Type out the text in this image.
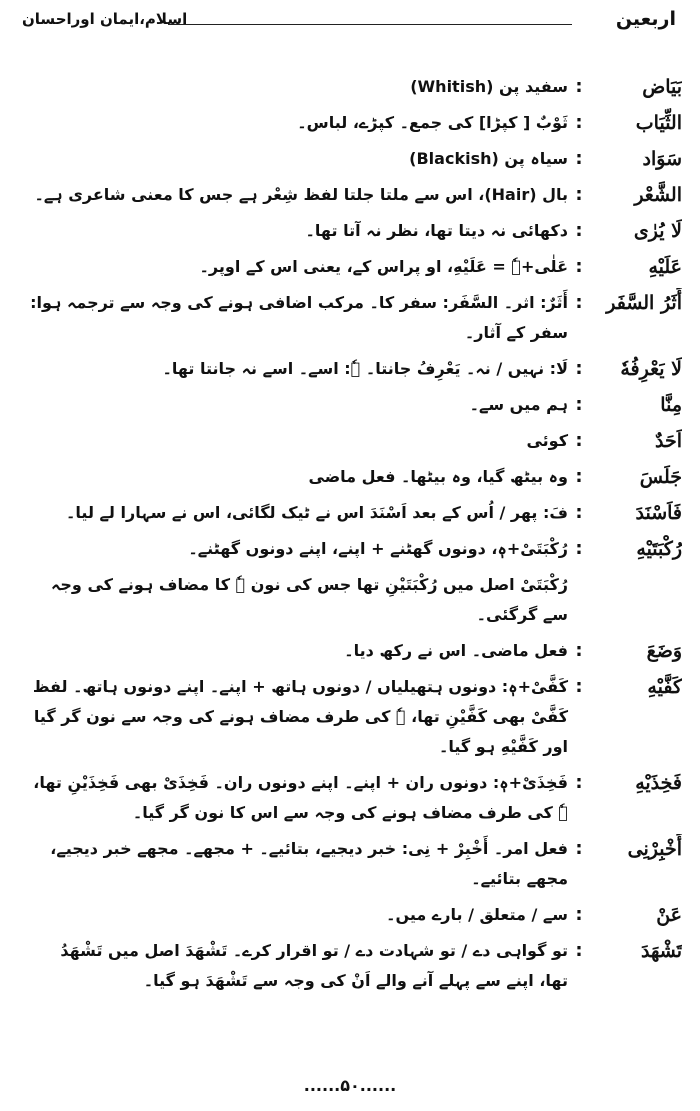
اربعین
اسلام،ایمان اوراحسان
بَیَاض
:
سفید پن (Whitish)
الثِّیَاب
:
ثَوْبٌ [ کپڑا] کی جمع۔ کپڑے، لباس۔
سَوَاد
:
سیاہ پن (Blackish)
الشَّعْر
:
بال (Hair)، اس سے ملتا جلتا لفظ شِعْر ہے جس کا معنی شاعری ہے۔
لَا یُرٰی
:
دکھائی نہ دیتا تھا، نظر نہ آتا تھا۔
عَلَیْهِ
:
عَلٰی+ہٗ = عَلَیْهِ، او پراس کے، یعنی اس کے اوپر۔
أَثَرُ السَّفَر
:
أَثَرٌ: اثر۔ السَّفَر: سفر کا۔ مرکب اضافی ہونے کی وجہ سے ترجمہ ہوا: سفر کے آثار۔
لَا یَعْرِفُهٗ
:
لَا: نہیں / نہ۔ یَعْرِفُ جانتا۔ ہٗ: اسے۔ اسے نہ جانتا تھا۔
مِنَّا
:
ہم میں سے۔
اَحَدٌ
:
کوئی
جَلَسَ
:
وہ بیٹھ گیا، وہ بیٹھا۔ فعل ماضی
فَاَسْنَدَ
:
فَ: پھر / اُس کے بعد اَسْنَدَ اس نے ٹیک لگائی، اس نے سہارا لے لیا۔
رُکْبَتَیْهِ
:
رُکْبَتَیْ+ہٖ، دونوں گھٹنے + اپنے، اپنے دونوں گھٹنے۔
رُکْبَتَیْ اصل میں رُکْبَتَیْنِ تھا جس کی نون ہٗ کا مضاف ہونے کی وجہ سے گرگئی۔
وَضَعَ
:
فعل ماضی۔ اس نے رکھ دیا۔
کَفَّیْهِ
:
کَفَّیْ+ہٖ: دونوں ہتھیلیاں / دونوں ہاتھ + اپنے۔ اپنے دونوں ہاتھ۔ لفظ کَفَّیْ بھی کَفَّیْنِ تھا، ہٗ کی طرف مضاف ہونے کی وجہ سے نون گر گیا اور کَفَّیْهِ ہو گیا۔
فَخِذَیْهِ
:
فَخِذَیْ+ہٖ: دونوں ران + اپنے۔ اپنے دونوں ران۔ فَخِذَیْ بھی فَخِذَیْنِ تھا، ہٗ کی طرف مضاف ہونے کی وجہ سے اس کا نون گر گیا۔
أَخْبِرْنِی
:
فعل امر۔ أَخْبِرْ + نِی: خبر دیجیے، بتائیے۔ + مجھے۔ مجھے خبر دیجیے، مجھے بتائیے۔
عَنْ
:
سے / متعلق / بارے میں۔
تَشْهَدَ
:
تو گواہی دے / تو شہادت دے / تو اقرار کرے۔ تَشْهَدَ اصل میں تَشْهَدُ تھا، اپنے سے پہلے آنے والے اَنْ کی وجہ سے تَشْهَدَ ہو گیا۔
......۵۰......
